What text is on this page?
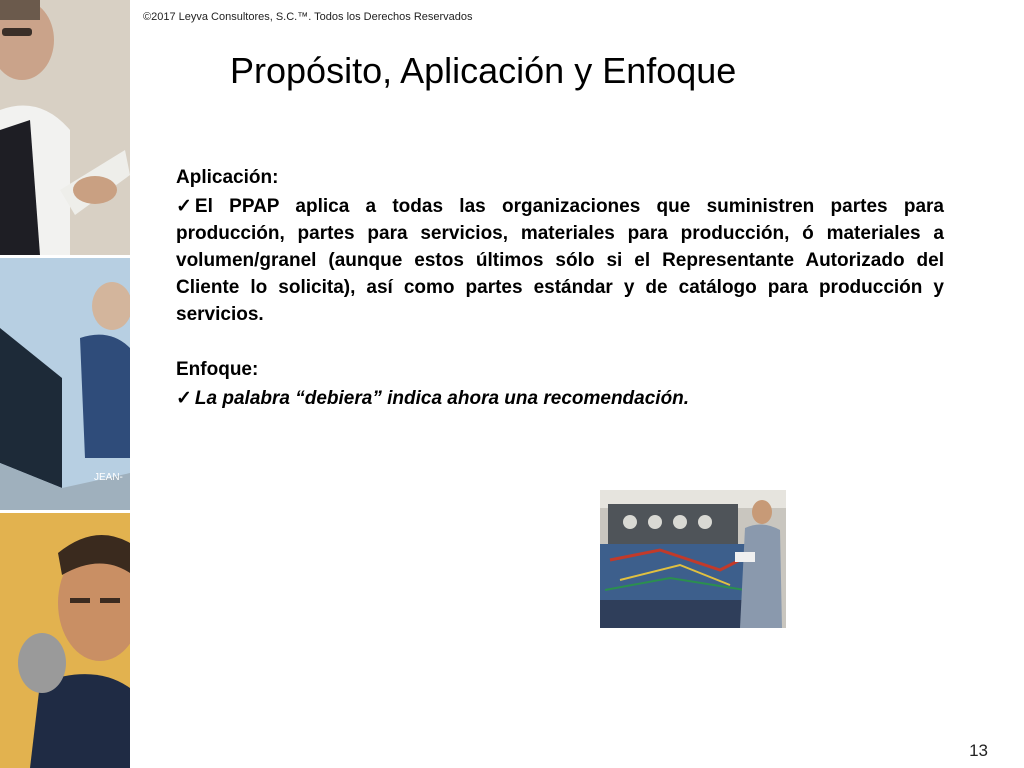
JEAN-
©2017 Leyva Consultores, S.C.™. Todos los Derechos Reservados
Propósito, Aplicación y Enfoque

Aplicación:

✓ El PPAP aplica a todas las organizaciones que suministren partes para producción, partes para servicios, materiales para producción, ó materiales a volumen/granel (aunque estos últimos sólo si el Representante Autorizado del Cliente lo solicita), así como partes estándar y de catálogo para producción y servicios.

Enfoque:

✓ La palabra “debiera” indica ahora una recomendación.

13
